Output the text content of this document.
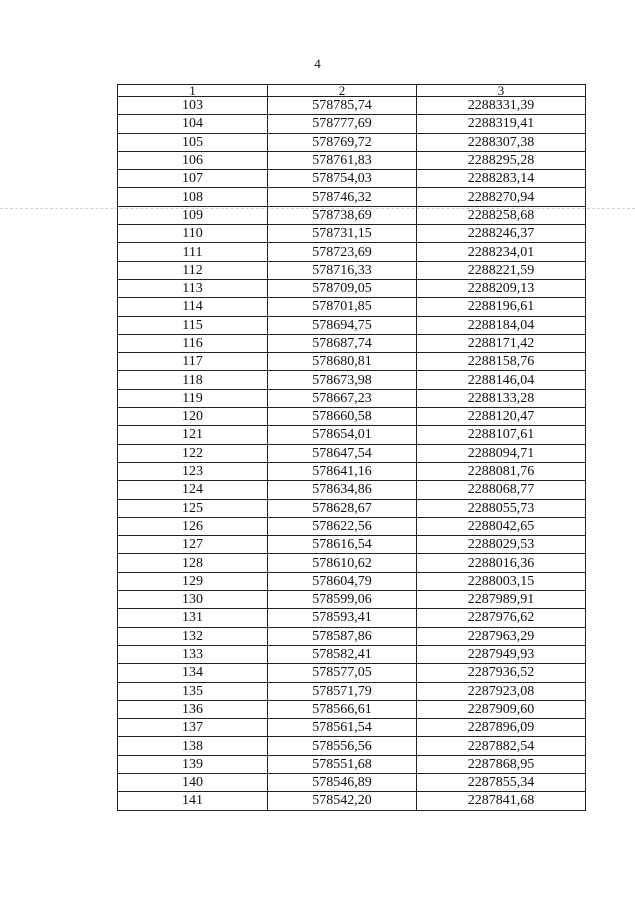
4
1	2	3
103	578785,74	2288331,39
104	578777,69	2288319,41
105	578769,72	2288307,38
106	578761,83	2288295,28
107	578754,03	2288283,14
108	578746,32	2288270,94
109	578738,69	2288258,68
110	578731,15	2288246,37
111	578723,69	2288234,01
112	578716,33	2288221,59
113	578709,05	2288209,13
114	578701,85	2288196,61
115	578694,75	2288184,04
116	578687,74	2288171,42
117	578680,81	2288158,76
118	578673,98	2288146,04
119	578667,23	2288133,28
120	578660,58	2288120,47
121	578654,01	2288107,61
122	578647,54	2288094,71
123	578641,16	2288081,76
124	578634,86	2288068,77
125	578628,67	2288055,73
126	578622,56	2288042,65
127	578616,54	2288029,53
128	578610,62	2288016,36
129	578604,79	2288003,15
130	578599,06	2287989,91
131	578593,41	2287976,62
132	578587,86	2287963,29
133	578582,41	2287949,93
134	578577,05	2287936,52
135	578571,79	2287923,08
136	578566,61	2287909,60
137	578561,54	2287896,09
138	578556,56	2287882,54
139	578551,68	2287868,95
140	578546,89	2287855,34
141	578542,20	2287841,68
